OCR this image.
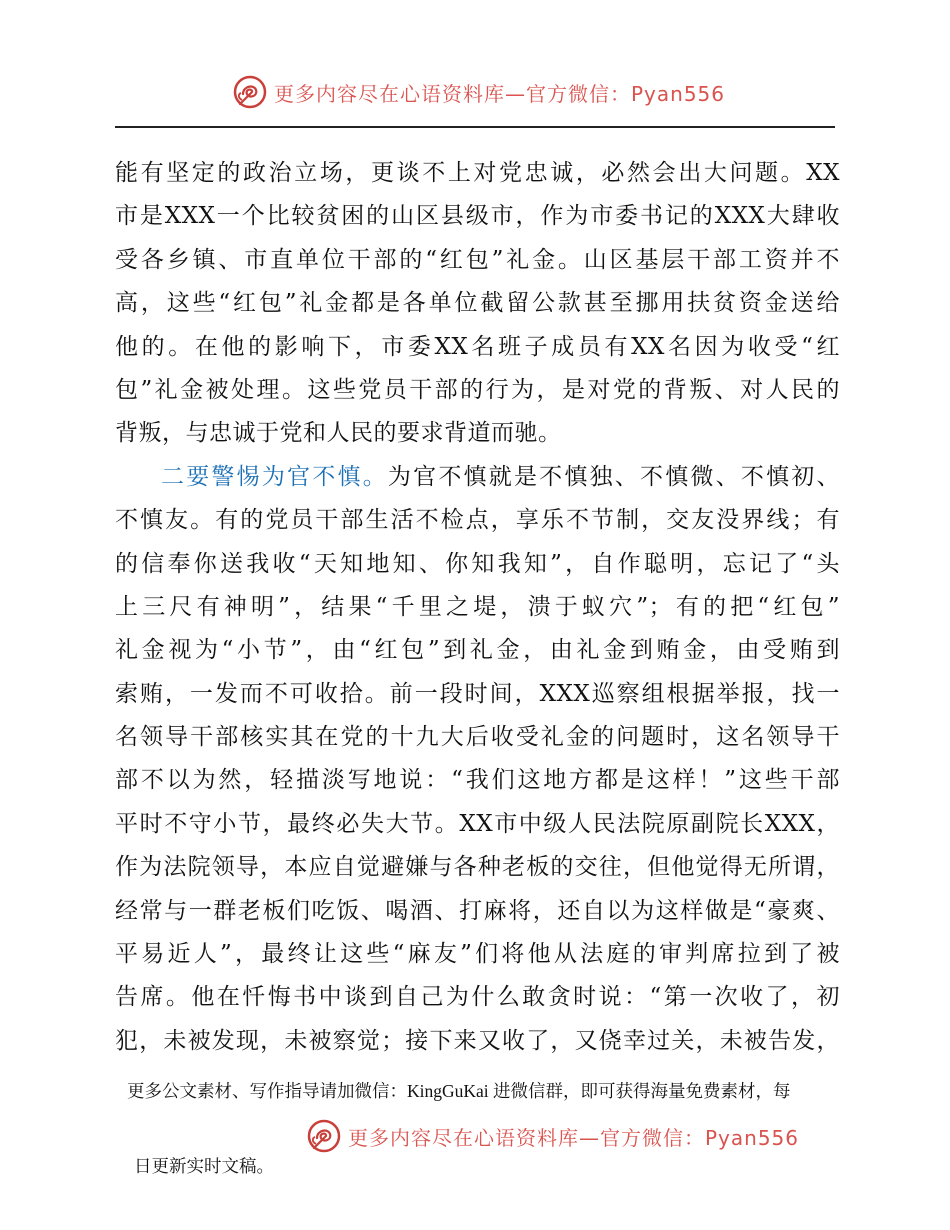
更多内容尽在心语资料库—官方微信：Pyan556
能有坚定的政治立场，更谈不上对党忠诚，必然会出大问题。XX
市是XXX一个比较贫困的山区县级市，作为市委书记的XXX大肆收
受各乡镇、市直单位干部的“红包”礼金。山区基层干部工资并不
高，这些“红包”礼金都是各单位截留公款甚至挪用扶贫资金送给
他的。在他的影响下，市委XX名班子成员有XX名因为收受“红
包”礼金被处理。这些党员干部的行为，是对党的背叛、对人民的
背叛，与忠诚于党和人民的要求背道而驰。
二要警惕为官不慎。为官不慎就是不慎独、不慎微、不慎初、
不慎友。有的党员干部生活不检点，享乐不节制，交友没界线；有
的信奉你送我收“天知地知、你知我知”，自作聪明，忘记了“头
上三尺有神明”，结果“千里之堤，溃于蚁穴”；有的把“红包”
礼金视为“小节”，由“红包”到礼金，由礼金到贿金，由受贿到
索贿，一发而不可收拾。前一段时间，XXX巡察组根据举报，找一
名领导干部核实其在党的十九大后收受礼金的问题时，这名领导干
部不以为然，轻描淡写地说：“我们这地方都是这样！”这些干部
平时不守小节，最终必失大节。XX市中级人民法院原副院长XXX，
作为法院领导，本应自觉避嫌与各种老板的交往，但他觉得无所谓，
经常与一群老板们吃饭、喝酒、打麻将，还自以为这样做是“豪爽、
平易近人”，最终让这些“麻友”们将他从法庭的审判席拉到了被
告席。他在忏悔书中谈到自己为什么敢贪时说：“第一次收了，初
犯，未被发现，未被察觉；接下来又收了，又侥幸过关，未被告发，
更多公文素材、写作指导请加微信：KingGuKai 进微信群，即可获得海量免费素材，每
更多内容尽在心语资料库—官方微信：Pyan556
日更新实时文稿。
